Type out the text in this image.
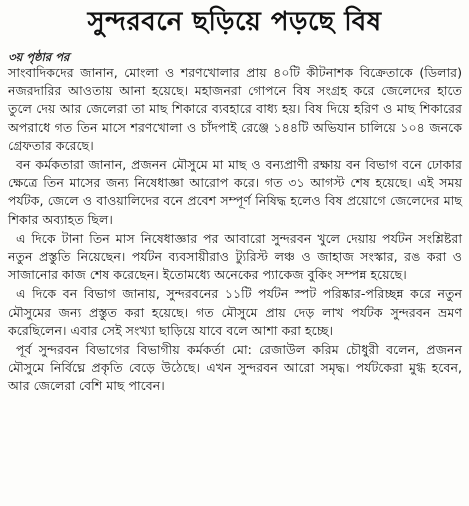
সুন্দরবনে ছড়িয়ে পড়ছে বিষ
৩য় পৃষ্ঠার পর

সাংবাদিকদের জানান, মোংলা ও শরণখোলার প্রায় ৪০টি কীটনাশক বিক্রেতাকে (ডিলার) নজরদারির আওতায় আনা হয়েছে। মহাজনরা গোপনে বিষ সংগ্রহ করে জেলেদের হাতে তুলে দেয় আর জেলেরা তা মাছ শিকারে ব্যবহারে বাধ্য হয়। বিষ দিয়ে হরিণ ও মাছ শিকারের অপরাধে গত তিন মাসে শরণখোলা ও চাঁদপাই রেঞ্জে ১৪৪টি অভিযান চালিয়ে ১০৪ জনকে গ্রেফতার করেছে।

বন কর্মকতারা জানান, প্রজনন মৌসুমে মা মাছ ও বন্যপ্রাণী রক্ষায় বন বিভাগ বনে ঢোকার ক্ষেত্রে তিন মাসের জন্য নিষেধাজ্ঞা আরোপ করে। গত ৩১ আগস্ট শেষ হয়েছে। এই সময় পর্যটক, জেলে ও বাওয়ালিদের বনে প্রবেশ সম্পূর্ণ নিষিদ্ধ হলেও বিষ প্রয়োগে জেলেদের মাছ শিকার অব্যাহত ছিল।

এ দিকে টানা তিন মাস নিষেধাজ্ঞার পর আবারো সুন্দরবন খুলে দেয়ায় পর্যটন সংশ্লিষ্টরা নতুন প্রস্তুতি নিয়েছেন। পর্যটন ব্যবসায়ীরাও ট্যুরিস্ট লঞ্চ ও জাহাজ সংস্কার, রঙ করা ও সাজানোর কাজ শেষ করেছেন। ইতোমধ্যে অনেকের প্যাকেজ বুকিং সম্পন্ন হয়েছে।

এ দিকে বন বিভাগ জানায়, সুন্দরবনের ১১টি পর্যটন স্পট পরিষ্কার-পরিচ্ছন্ন করে নতুন মৌসুমের জন্য প্রস্তুত করা হয়েছে। গত মৌসুমে প্রায় দেড় লাখ পর্যটক সুন্দরবন ভ্রমণ করেছিলেন। এবার সেই সংখ্যা ছাড়িয়ে যাবে বলে আশা করা হচ্ছে।

পূর্ব সুন্দরবন বিভাগের বিভাগীয় কর্মকর্তা মো: রেজাউল করিম চৌধুরী বলেন, প্রজনন মৌসুমে নির্বিঘ্নে প্রকৃতি বেড়ে উঠেছে। এখন সুন্দরবন আরো সমৃদ্ধ। পর্যটকেরা মুগ্ধ হবেন, আর জেলেরা বেশি মাছ পাবেন।
